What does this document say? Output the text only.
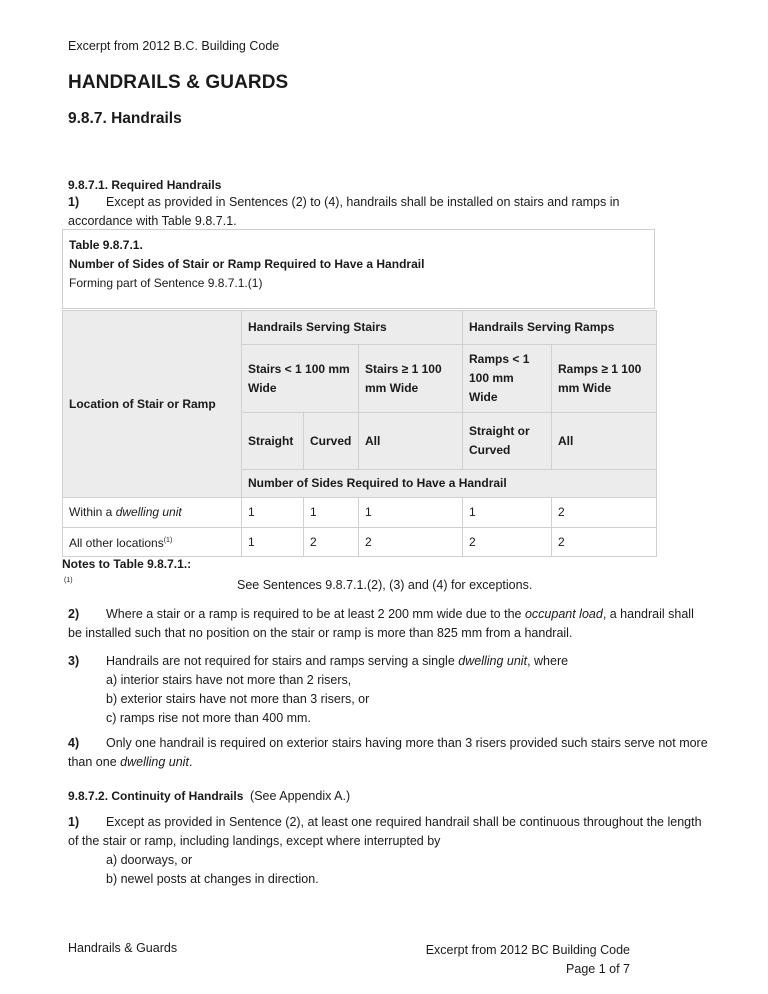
Excerpt from 2012 B.C. Building Code
HANDRAILS & GUARDS
9.8.7. Handrails
9.8.7.1. Required Handrails
1) Except as provided in Sentences (2) to (4), handrails shall be installed on stairs and ramps in accordance with Table 9.8.7.1.
Table 9.8.7.1.
Number of Sides of Stair or Ramp Required to Have a Handrail
Forming part of Sentence 9.8.7.1.(1)
Location of Stair or Ramp	Handrails Serving Stairs			Handrails Serving Ramps	
	Stairs < 1 100 mm Wide		Stairs ≥ 1 100 mm Wide	Ramps < 1 100 mm Wide	Ramps ≥ 1 100 mm Wide
	Straight	Curved	All	Straight or Curved	All
	Number of Sides Required to Have a Handrail				
Within a dwelling unit	1	1	1	1	2
All other locations$^{(1)}$	1	2	2	2	2
Notes to Table 9.8.7.1.:
(1)	See Sentences 9.8.7.1.(2), (3) and (4) for exceptions.
2) Where a stair or a ramp is required to be at least 2 200 mm wide due to the occupant load, a handrail shall be installed such that no position on the stair or ramp is more than 825 mm from a handrail.
3) Handrails are not required for stairs and ramps serving a single dwelling unit, where
a) interior stairs have not more than 2 risers,
b) exterior stairs have not more than 3 risers, or
c) ramps rise not more than 400 mm.
4) Only one handrail is required on exterior stairs having more than 3 risers provided such stairs serve not more than one dwelling unit.
9.8.7.2. Continuity of Handrails (See Appendix A.)
1) Except as provided in Sentence (2), at least one required handrail shall be continuous throughout the length of the stair or ramp, including landings, except where interrupted by
a) doorways, or
b) newel posts at changes in direction.
Handrails & Guards	Excerpt from 2012 BC Building Code
Page 1 of 7
